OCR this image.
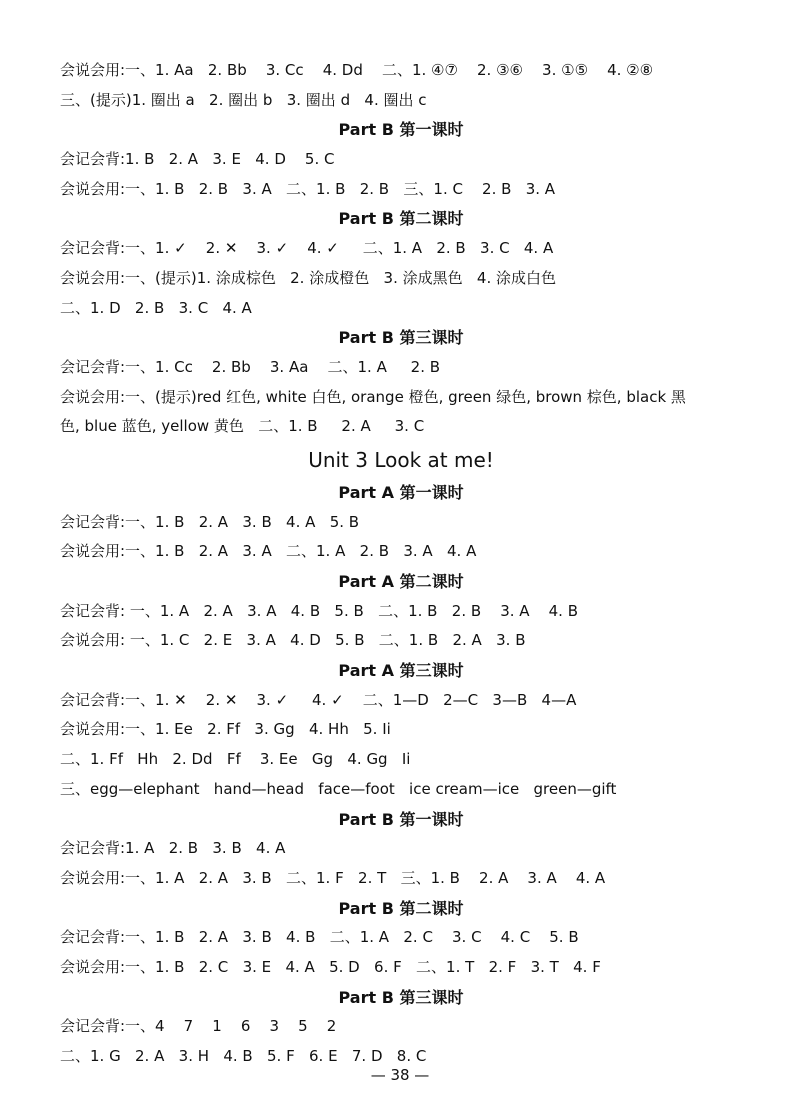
会说会用:一、1. Aa   2. Bb    3. Cc    4. Dd    二、1. ④⑦    2. ③⑥    3. ①⑤    4. ②⑧
三、(提示)1. 圈出 a   2. 圈出 b   3. 圈出 d   4. 圈出 c
Part B 第一课时
会记会背:1. B   2. A   3. E   4. D    5. C
会说会用:一、1. B   2. B   3. A   二、1. B   2. B   三、1. C    2. B   3. A
Part B 第二课时
会记会背:一、1. ✓    2. ✕    3. ✓    4. ✓     二、1. A   2. B   3. C   4. A
会说会用:一、(提示)1. 涂成棕色   2. 涂成橙色   3. 涂成黑色   4. 涂成白色
二、1. D   2. B   3. C   4. A
Part B 第三课时
会记会背:一、1. Cc    2. Bb    3. Aa    二、1. A     2. B
会说会用:一、(提示)red 红色, white 白色, orange 橙色, green 绿色, brown 棕色, black 黑
色, blue 蓝色, yellow 黄色   二、1. B     2. A     3. C
Unit 3 Look at me!
Part A 第一课时
会记会背:一、1. B   2. A   3. B   4. A   5. B
会说会用:一、1. B   2. A   3. A   二、1. A   2. B   3. A   4. A
Part A 第二课时
会记会背: 一、1. A   2. A   3. A   4. B   5. B   二、1. B   2. B    3. A    4. B
会说会用: 一、1. C   2. E   3. A   4. D   5. B   二、1. B   2. A   3. B
Part A 第三课时
会记会背:一、1. ✕    2. ✕    3. ✓     4. ✓    二、1—D   2—C   3—B   4—A
会说会用:一、1. Ee   2. Ff   3. Gg   4. Hh   5. Ii
二、1. Ff   Hh   2. Dd   Ff    3. Ee   Gg   4. Gg   Ii
三、egg—elephant   hand—head   face—foot   ice cream—ice   green—gift
Part B 第一课时
会记会背:1. A   2. B   3. B   4. A
会说会用:一、1. A   2. A   3. B   二、1. F   2. T   三、1. B    2. A    3. A    4. A
Part B 第二课时
会记会背:一、1. B   2. A   3. B   4. B   二、1. A   2. C    3. C    4. C    5. B
会说会用:一、1. B   2. C   3. E   4. A   5. D   6. F   二、1. T   2. F   3. T   4. F
Part B 第三课时
会记会背:一、4    7    1    6    3    5    2
二、1. G   2. A   3. H   4. B   5. F   6. E   7. D   8. C
— 38 —
